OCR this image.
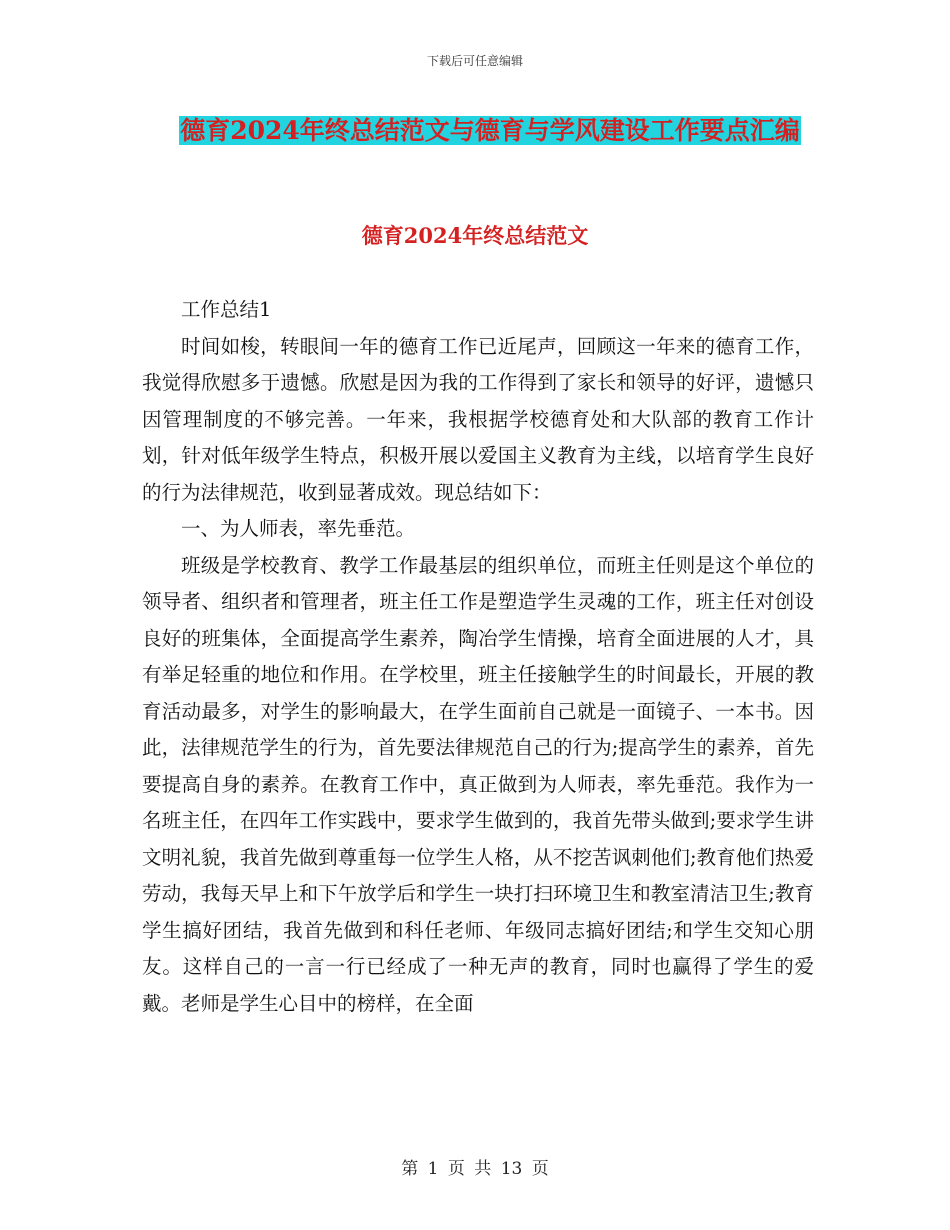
下载后可任意编辑
德育2024年终总结范文与德育与学风建设工作要点汇编
德育2024年终总结范文

工作总结1

时间如梭，转眼间一年的德育工作已近尾声，回顾这一年来的德育工作，我觉得欣慰多于遗憾。欣慰是因为我的工作得到了家长和领导的好评，遗憾只因管理制度的不够完善。一年来，我根据学校德育处和大队部的教育工作计划，针对低年级学生特点，积极开展以爱国主义教育为主线，以培育学生良好的行为法律规范，收到显著成效。现总结如下：

一、为人师表，率先垂范。

班级是学校教育、教学工作最基层的组织单位，而班主任则是这个单位的领导者、组织者和管理者，班主任工作是塑造学生灵魂的工作，班主任对创设良好的班集体，全面提高学生素养，陶冶学生情操，培育全面进展的人才，具有举足轻重的地位和作用。在学校里，班主任接触学生的时间最长，开展的教育活动最多，对学生的影响最大，在学生面前自己就是一面镜子、一本书。因此，法律规范学生的行为，首先要法律规范自己的行为;提高学生的素养，首先要提高自身的素养。在教育工作中，真正做到为人师表，率先垂范。我作为一名班主任，在四年工作实践中，要求学生做到的，我首先带头做到;要求学生讲文明礼貌，我首先做到尊重每一位学生人格，从不挖苦讽刺他们;教育他们热爱劳动，我每天早上和下午放学后和学生一块打扫环境卫生和教室清洁卫生;教育学生搞好团结，我首先做到和科任老师、年级同志搞好团结;和学生交知心朋友。这样自己的一言一行已经成了一种无声的教育，同时也赢得了学生的爱戴。老师是学生心目中的榜样，在全面

第 1 页 共 13 页
